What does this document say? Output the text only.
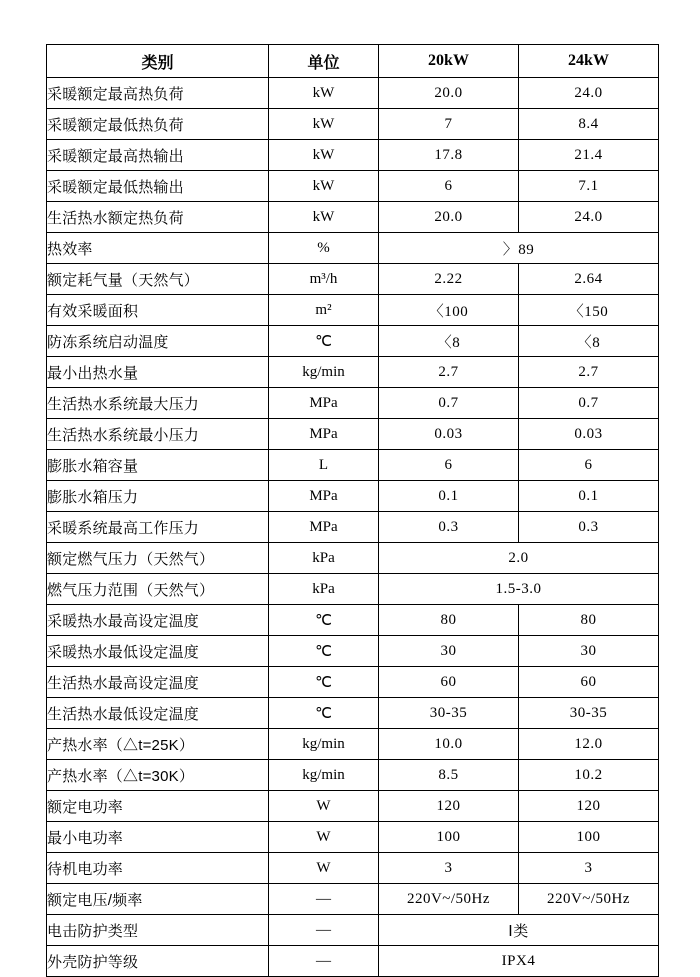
类别	单位	20kW	24kW
采暖额定最高热负荷	kW	20.0	24.0
采暖额定最低热负荷	kW	7	8.4
采暖额定最高热输出	kW	17.8	21.4
采暖额定最低热输出	kW	6	7.1
生活热水额定热负荷	kW	20.0	24.0
热效率	%	〉89	
额定耗气量（天然气）	m³/h	2.22	2.64
有效采暖面积	m²	〈100	〈150
防冻系统启动温度	℃	〈8	〈8
最小出热水量	kg/min	2.7	2.7
生活热水系统最大压力	MPa	0.7	0.7
生活热水系统最小压力	MPa	0.03	0.03
膨胀水箱容量	L	6	6
膨胀水箱压力	MPa	0.1	0.1
采暖系统最高工作压力	MPa	0.3	0.3
额定燃气压力（天然气）	kPa	2.0	
燃气压力范围（天然气）	kPa	1.5-3.0	
采暖热水最高设定温度	℃	80	80
采暖热水最低设定温度	℃	30	30
生活热水最高设定温度	℃	60	60
生活热水最低设定温度	℃	30-35	30-35
产热水率（△t=25K）	kg/min	10.0	12.0
产热水率（△t=30K）	kg/min	8.5	10.2
额定电功率	W	120	120
最小电功率	W	100	100
待机电功率	W	3	3
额定电压/频率	—	220V~/50Hz	220V~/50Hz
电击防护类型	—	Ⅰ类	
外壳防护等级	—	IPX4	
